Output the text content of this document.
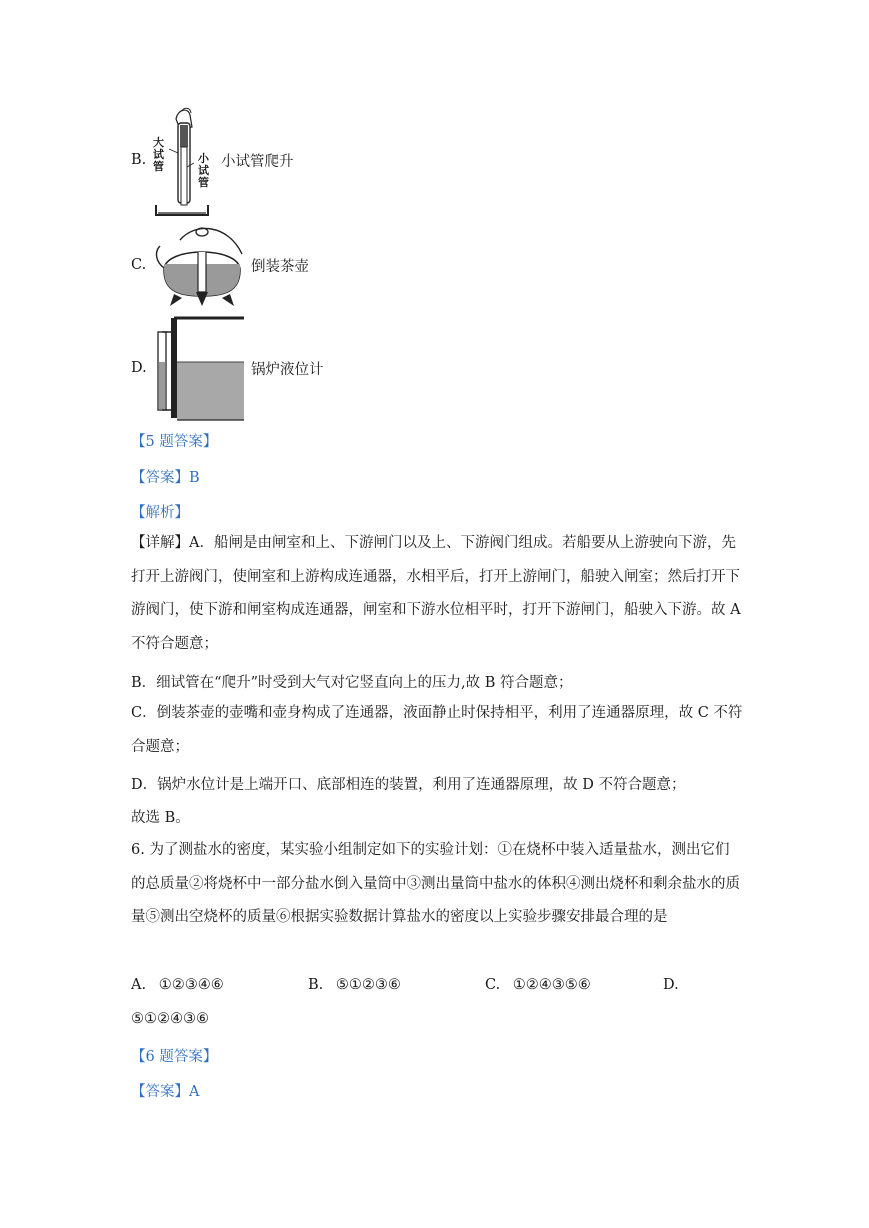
大试管
小试管
B.	小试管爬升
C.	倒装茶壶
D.	锅炉液位计
【5 题答案】
【答案】B
【解析】
【详解】A．船闸是由闸室和上、下游闸门以及上、下游阀门组成。若船要从上游驶向下游，先打开上游阀门，使闸室和上游构成连通器，水相平后，打开上游闸门，船驶入闸室；然后打开下游阀门，使下游和闸室构成连通器，闸室和下游水位相平时，打开下游闸门，船驶入下游。故 A 不符合题意；
B．细试管在“爬升”时受到大气对它竖直向上的压力,故 B 符合题意；
C．倒装茶壶的壶嘴和壶身构成了连通器，液面静止时保持相平，利用了连通器原理，故 C 不符合题意；
D．锅炉水位计是上端开口、底部相连的装置，利用了连通器原理，故 D 不符合题意；
故选 B。
6. 为了测盐水的密度，某实验小组制定如下的实验计划：①在烧杯中装入适量盐水，测出它们的总质量②将烧杯中一部分盐水倒入量筒中③测出量筒中盐水的体积④测出烧杯和剩余盐水的质量⑤测出空烧杯的质量⑥根据实验数据计算盐水的密度以上实验步骤安排最合理的是
A. ①②③④⑥	B. ⑤①②③⑥	C. ①②④③⑤⑥	D.
⑤①②④③⑥
【6 题答案】
【答案】A
